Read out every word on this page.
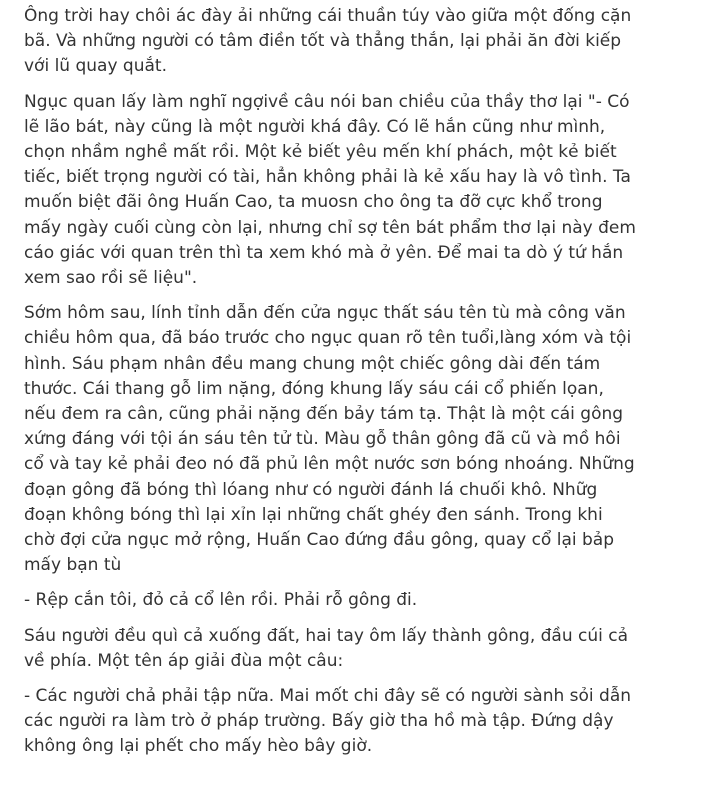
Ông trời hay chôi ác đày ải những cái thuần túy vào giữa một đống cặn
bã. Và những người có tâm điền tốt và thẳng thắn, lại phải ăn đời kiếp
với lũ quay quắt.

Ngục quan lấy làm nghĩ ngợivề câu nói ban chiều của thầy thơ lại "- Có
lẽ lão bát, này cũng là một người khá đây. Có lẽ hắn cũng như mình,
chọn nhầm nghề mất rồi. Một kẻ biết yêu mến khí phách, một kẻ biết
tiếc, biết trọng người có tài, hẳn không phải là kẻ xấu hay là vô tình. Ta
muốn biệt đãi ông Huấn Cao, ta muosn cho ông ta đỡ cực khổ trong
mấy ngày cuối cùng còn lại, nhưng chỉ sợ tên bát phẩm thơ lại này đem
cáo giác với quan trên thì ta xem khó mà ở yên. Để mai ta dò ý tứ hắn
xem sao rồi sẽ liệu".

Sớm hôm sau, lính tỉnh dẫn đến cửa ngục thất sáu tên tù mà công văn
chiều hôm qua, đã báo trước cho ngục quan rõ tên tuổi,làng xóm và tội
hình. Sáu phạm nhân đều mang chung một chiếc gông dài đến tám
thước. Cái thang gỗ lim nặng, đóng khung lấy sáu cái cổ phiến lọan,
nếu đem ra cân, cũng phải nặng đến bảy tám tạ. Thật là một cái gông
xứng đáng với tội án sáu tên tử tù. Màu gỗ thân gông đã cũ và mồ hôi
cổ và tay kẻ phải đeo nó đã phủ lên một nước sơn bóng nhoáng. Những
đoạn gông đã bóng thì lóang như có người đánh lá chuối khô. Nhữg
đoạn không bóng thì lại xỉn lại những chất ghéy đen sánh. Trong khi
chờ đợi cửa ngục mở rộng, Huấn Cao đứng đầu gông, quay cổ lại bảp
mấy bạn tù

- Rệp cắn tôi, đỏ cả cổ lên rồi. Phải rỗ gông đi.

Sáu người đều quì cả xuống đất, hai tay ôm lấy thành gông, đầu cúi cả
về phía. Một tên áp giải đùa một câu:

- Các người chả phải tập nữa. Mai mốt chi đây sẽ có người sành sỏi dẫn
các người ra làm trò ở pháp trường. Bấy giờ tha hồ mà tập. Đứng dậy
không ông lại phết cho mấy hèo bây giờ.
